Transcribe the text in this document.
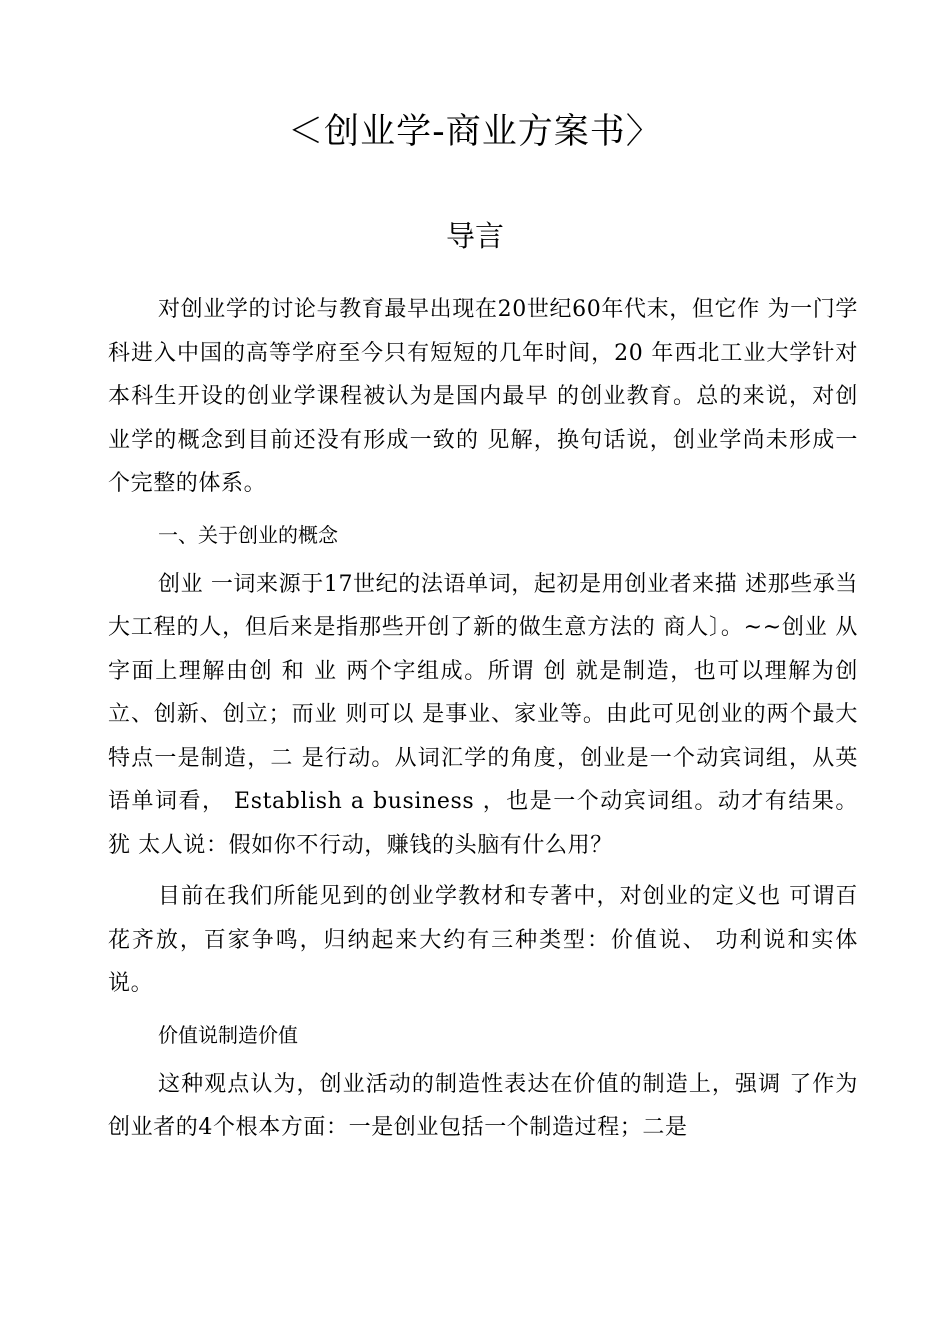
＜创业学-商业方案书〉
导言

对创业学的讨论与教育最早出现在20世纪60年代末，但它作 为一门学科进入中国的高等学府至今只有短短的几年时间，20 年西北工业大学针对本科生开设的创业学课程被认为是国内最早 的创业教育。总的来说，对创业学的概念到目前还没有形成一致的 见解，换句话说，创业学尚未形成一个完整的体系。

一、关于创业的概念

创业 一词来源于17世纪的法语单词，起初是用创业者来描 述那些承当大工程的人，但后来是指那些开创了新的做生意方法的 商人〕。~~创业 从字面上理解由创 和 业 两个字组成。所谓 创 就是制造，也可以理解为创立、创新、创立；而业 则可以 是事业、家业等。由此可见创业的两个最大特点一是制造，二 是行动。从词汇学的角度，创业是一个动宾词组，从英语单词看， Establish a business ，也是一个动宾词组。动才有结果。犹 太人说：假如你不行动，赚钱的头脑有什么用？

目前在我们所能见到的创业学教材和专著中，对创业的定义也 可谓百花齐放，百家争鸣，归纳起来大约有三种类型：价值说、 功利说和实体说。

价值说制造价值

这种观点认为，创业活动的制造性表达在价值的制造上，强调 了作为创业者的4个根本方面：一是创业包括一个制造过程；二是
